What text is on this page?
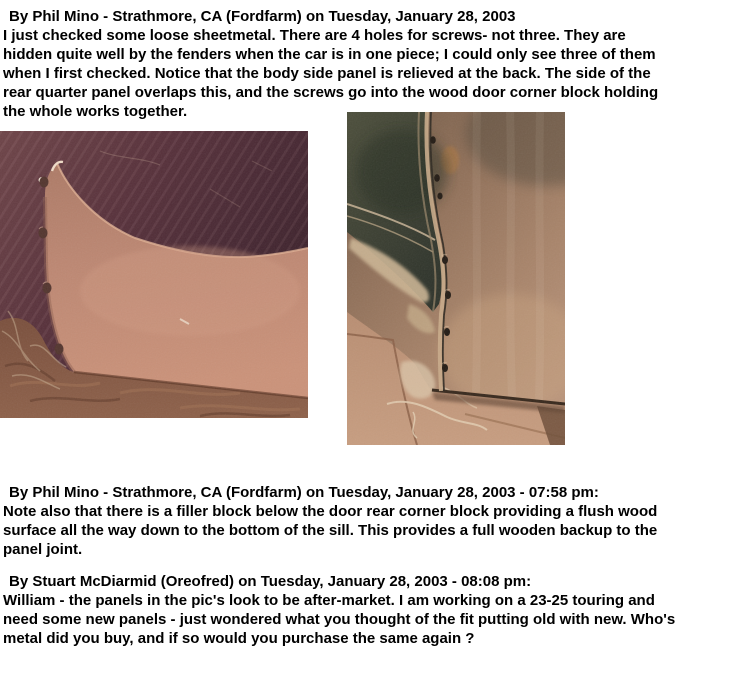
By Phil Mino - Strathmore, CA (Fordfarm) on Tuesday, January 28, 2003
I just checked some loose sheetmetal. There are 4 holes for screws- not three. They are
hidden quite well by the fenders when the car is in one piece; I could only see three of them
when I first checked. Notice that the body side panel is relieved at the back. The side of the
rear quarter panel overlaps this, and the screws go into the wood door corner block holding
the whole works together.
By Phil Mino - Strathmore, CA (Fordfarm) on Tuesday, January 28, 2003 - 07:58 pm:
Note also that there is a filler block below the door rear corner block providing a flush wood
surface all the way down to the bottom of the sill. This provides a full wooden backup to the
panel joint.
By Stuart McDiarmid (Oreofred) on Tuesday, January 28, 2003 - 08:08 pm:
William - the panels in the pic's look to be after-market. I am working on a 23-25 touring and
need some new panels - just wondered what you thought of the fit putting old with new. Who's
metal did you buy, and if so would you purchase the same again ?
